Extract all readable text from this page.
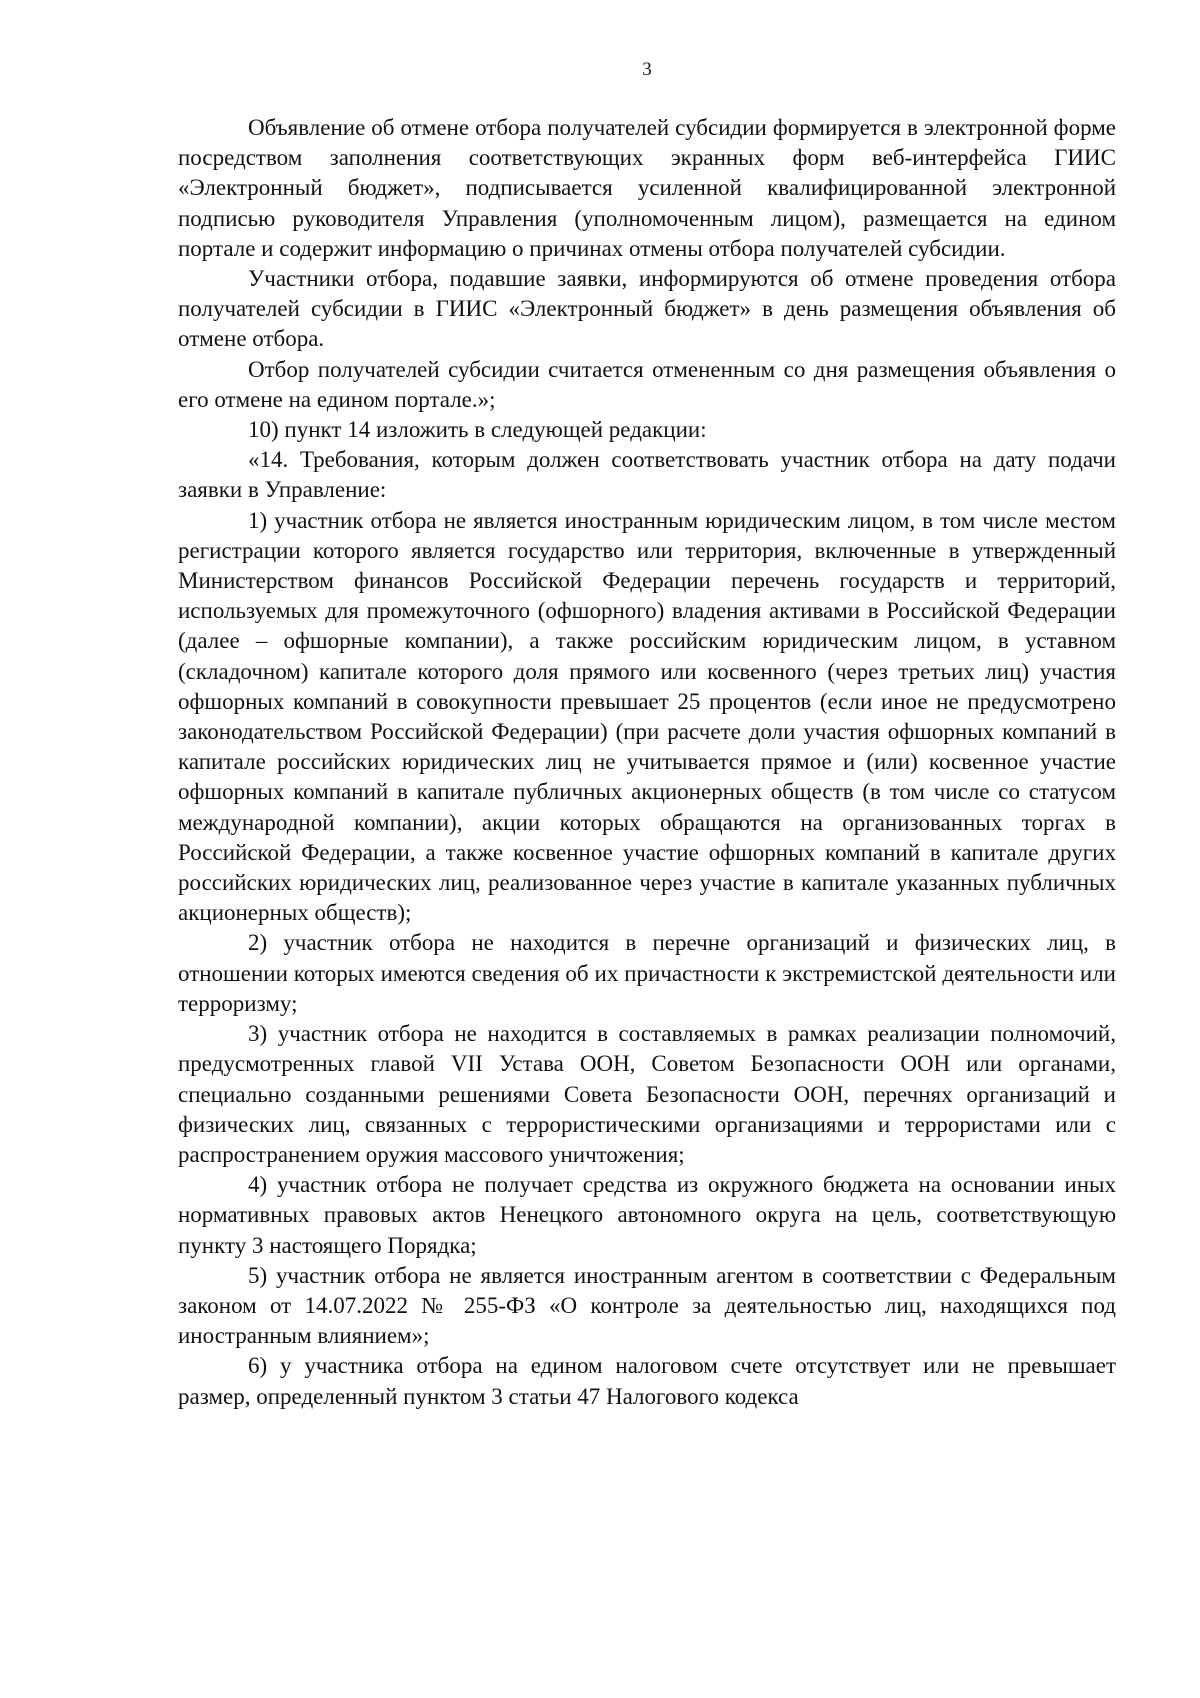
3

Объявление об отмене отбора получателей субсидии формируется в электронной форме посредством заполнения соответствующих экранных форм веб-интерфейса ГИИС «Электронный бюджет», подписывается усиленной квалифицированной электронной подписью руководителя Управления (уполномоченным лицом), размещается на едином портале и содержит информацию о причинах отмены отбора получателей субсидии.

Участники отбора, подавшие заявки, информируются об отмене проведения отбора получателей субсидии в ГИИС «Электронный бюджет» в день размещения объявления об отмене отбора.

Отбор получателей субсидии считается отмененным со дня размещения объявления о его отмене на едином портале.»;

10) пункт 14 изложить в следующей редакции:

«14. Требования, которым должен соответствовать участник отбора на дату подачи заявки в Управление:

1) участник отбора не является иностранным юридическим лицом, в том числе местом регистрации которого является государство или территория, включенные в утвержденный Министерством финансов Российской Федерации перечень государств и территорий, используемых для промежуточного (офшорного) владения активами в Российской Федерации (далее – офшорные компании), а также российским юридическим лицом, в уставном (складочном) капитале которого доля прямого или косвенного (через третьих лиц) участия офшорных компаний в совокупности превышает 25 процентов (если иное не предусмотрено законодательством Российской Федерации) (при расчете доли участия офшорных компаний в капитале российских юридических лиц не учитывается прямое и (или) косвенное участие офшорных компаний в капитале публичных акционерных обществ (в том числе со статусом международной компании), акции которых обращаются на организованных торгах в Российской Федерации, а также косвенное участие офшорных компаний в капитале других российских юридических лиц, реализованное через участие в капитале указанных публичных акционерных обществ);

2) участник отбора не находится в перечне организаций и физических лиц, в отношении которых имеются сведения об их причастности к экстремистской деятельности или терроризму;

3) участник отбора не находится в составляемых в рамках реализации полномочий, предусмотренных главой VII Устава ООН, Советом Безопасности ООН или органами, специально созданными решениями Совета Безопасности ООН, перечнях организаций и физических лиц, связанных с террористическими организациями и террористами или с распространением оружия массового уничтожения;

4) участник отбора не получает средства из окружного бюджета на основании иных нормативных правовых актов Ненецкого автономного округа на цель, соответствующую пункту 3 настоящего Порядка;

5) участник отбора не является иностранным агентом в соответствии с Федеральным законом от 14.07.2022 № 255-ФЗ «О контроле за деятельностью лиц, находящихся под иностранным влиянием»;

6) у участника отбора на едином налоговом счете отсутствует или не превышает размер, определенный пунктом 3 статьи 47 Налогового кодекса
